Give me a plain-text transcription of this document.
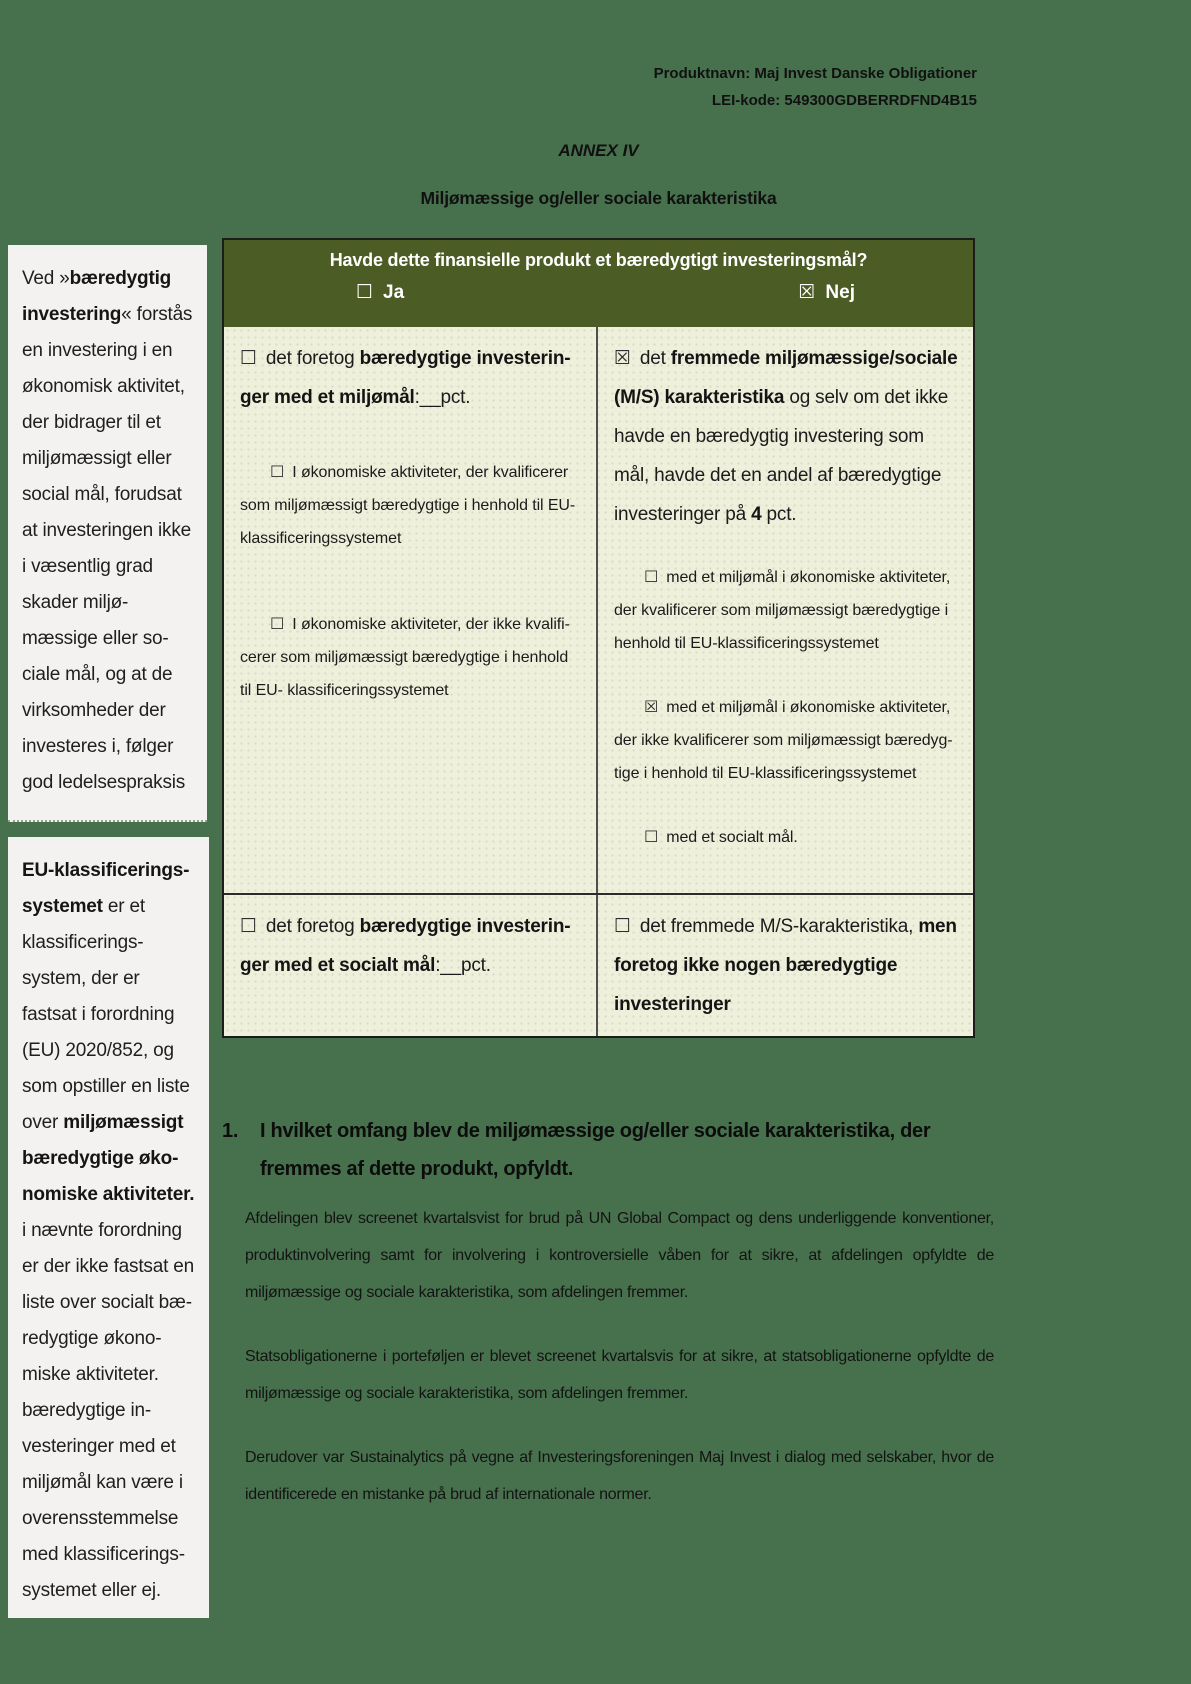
Produktnavn: Maj Invest Danske Obligationer
LEI-kode: 549300GDBERRDFND4B15
ANNEX IV
Miljømæssige og/eller sociale karakteristika
Ved »bæredygtig investering« forstås en investering i en økonomisk aktivitet, der bidrager til et miljømæssigt eller social mål, forudsat at investeringen ikke i væsentlig grad skader miljømæssige eller sociale mål, og at de virksomheder der investeres i, følger god ledelsespraksis
EU-klassificeringssystemet er et klassificeringssystem, der er fastsat i forordning (EU) 2020/852, og som opstiller en liste over miljømæssigt bæredygtige økonomiske aktiviteter. i nævnte forordning er der ikke fastsat en liste over socialt bæredygtige økonomiske aktiviteter. bæredygtige investeringer med et miljømål kan være i overensstemmelse med klassificeringssystemet eller ej.
Havde dette finansielle produkt et bæredygtigt investeringsmål?
☐ Ja	☒ Nej
☐ det foretog bæredygtige investeringer med et miljømål:__pct.
☐ I økonomiske aktiviteter, der kvalificerer som miljømæssigt bæredygtige i henhold til EU-klassificeringssystemet
☐ I økonomiske aktiviteter, der ikke kvalificerer som miljømæssigt bæredygtige i henhold til EU- klassificeringssystemet
☒ det fremmede miljømæssige/sociale (M/S) karakteristika og selv om det ikke havde en bæredygtig investering som mål, havde det en andel af bæredygtige investeringer på 4 pct.
☐ med et miljømål i økonomiske aktiviteter, der kvalificerer som miljømæssigt bæredygtige i henhold til EU-klassificeringssystemet
☒ med et miljømål i økonomiske aktiviteter, der ikke kvalificerer som miljømæssigt bæredygtige i henhold til EU-klassificeringssystemet
☐ med et socialt mål.
☐ det foretog bæredygtige investeringer med et socialt mål:__pct.
☐ det fremmede M/S-karakteristika, men foretog ikke nogen bæredygtige investeringer
1. I hvilket omfang blev de miljømæssige og/eller sociale karakteristika, der fremmes af dette produkt, opfyldt.

Afdelingen blev screenet kvartalsvist for brud på UN Global Compact og dens underliggende konventioner, produktinvolvering samt for involvering i kontroversielle våben for at sikre, at afdelingen opfyldte de miljømæssige og sociale karakteristika, som afdelingen fremmer.

Statsobligationerne i porteføljen er blevet screenet kvartalsvis for at sikre, at statsobligationerne opfyldte de miljømæssige og sociale karakteristika, som afdelingen fremmer.

Derudover var Sustainalytics på vegne af Investeringsforeningen Maj Invest i dialog med selskaber, hvor de identificerede en mistanke på brud af internationale normer.
